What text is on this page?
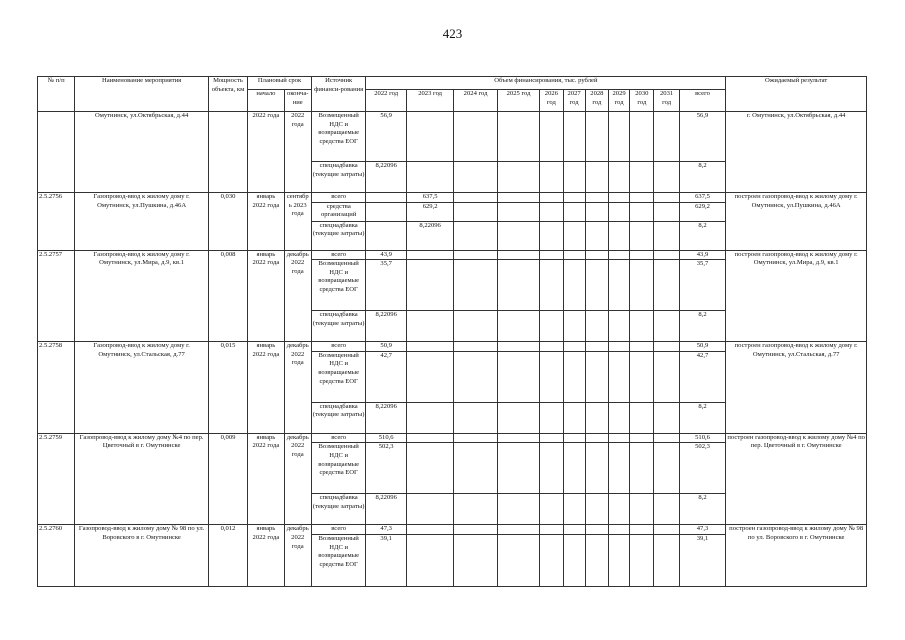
423
№ п/п	Наименование мероприятия	Мощность объекта, км	Плановый срок		Источник финанси-рования	Объем финансирования, тыс. рублей											Ожидаемый результат
			начало	оконча-ние		2022 год	2023 год	2024 год	2025 год	2026 год	2027 год	2028 год	2029 год	2030 год	2031 год	всего	
	Омутнинск, ул.Октябрьская, д.44		2022 года	2022 года	Возмещенный НДС и возвращаемые средства ЕОГ	56,9										56,9	г. Омутнинск, ул.Октябрьская, д.44
					спецнадбавка (текущие затраты)	8,22096										8,2	
2.5.2756	Газопровод-ввод к жилому дому г. Омутнинск, ул.Пушкина, д.46А	0,030	январь 2022 года	сентябрь 2023 года	всего		637,5									637,5	построен газопровод-ввод к жилому дому г. Омутнинск, ул.Пушкина, д.46А
					средства организаций		629,2									629,2	
					спецнадбавка (текущие затраты)		8,22096									8,2	
2.5.2757	Газопровод-ввод к жилому дому г. Омутнинск, ул.Мира, д.9, кв.1	0,008	январь 2022 года	декабрь 2022 года	всего	43,9										43,9	построен газопровод-ввод к жилому дому г. Омутнинск, ул.Мира, д.9, кв.1
					Возмещенный НДС и возвращаемые средства ЕОГ	35,7										35,7	
					спецнадбавка (текущие затраты)	8,22096										8,2	
2.5.2758	Газопровод-ввод к жилому дому г. Омутнинск, ул.Стальская, д.77	0,015	январь 2022 года	декабрь 2022 года	всего	50,9										50,9	построен газопровод-ввод к жилому дому г. Омутнинск, ул.Стальская, д.77
					Возмещенный НДС и возвращаемые средства ЕОГ	42,7										42,7	
					спецнадбавка (текущие затраты)	8,22096										8,2	
2.5.2759	Газопровод-ввод к жилому дому №4 по пер. Цветочный в г. Омутнинске	0,009	январь 2022 года	декабрь 2022 года	всего	510,6										510,6	построен газопровод-ввод к жилому дому №4 по пер. Цветочный в г. Омутнинске
					Возмещенный НДС и возвращаемые средства ЕОГ	502,3										502,3	
					спецнадбавка (текущие затраты)	8,22096										8,2	
2.5.2760	Газопровод-ввод к жилому дому № 98 по ул. Воровского в г. Омутнинске	0,012	январь 2022 года	декабрь 2022 года	всего	47,3										47,3	построен газопровод-ввод к жилому дому № 98 по ул. Воровского в г. Омутнинске
					Возмещенный НДС и возвращаемые средства ЕОГ	39,1										39,1	
